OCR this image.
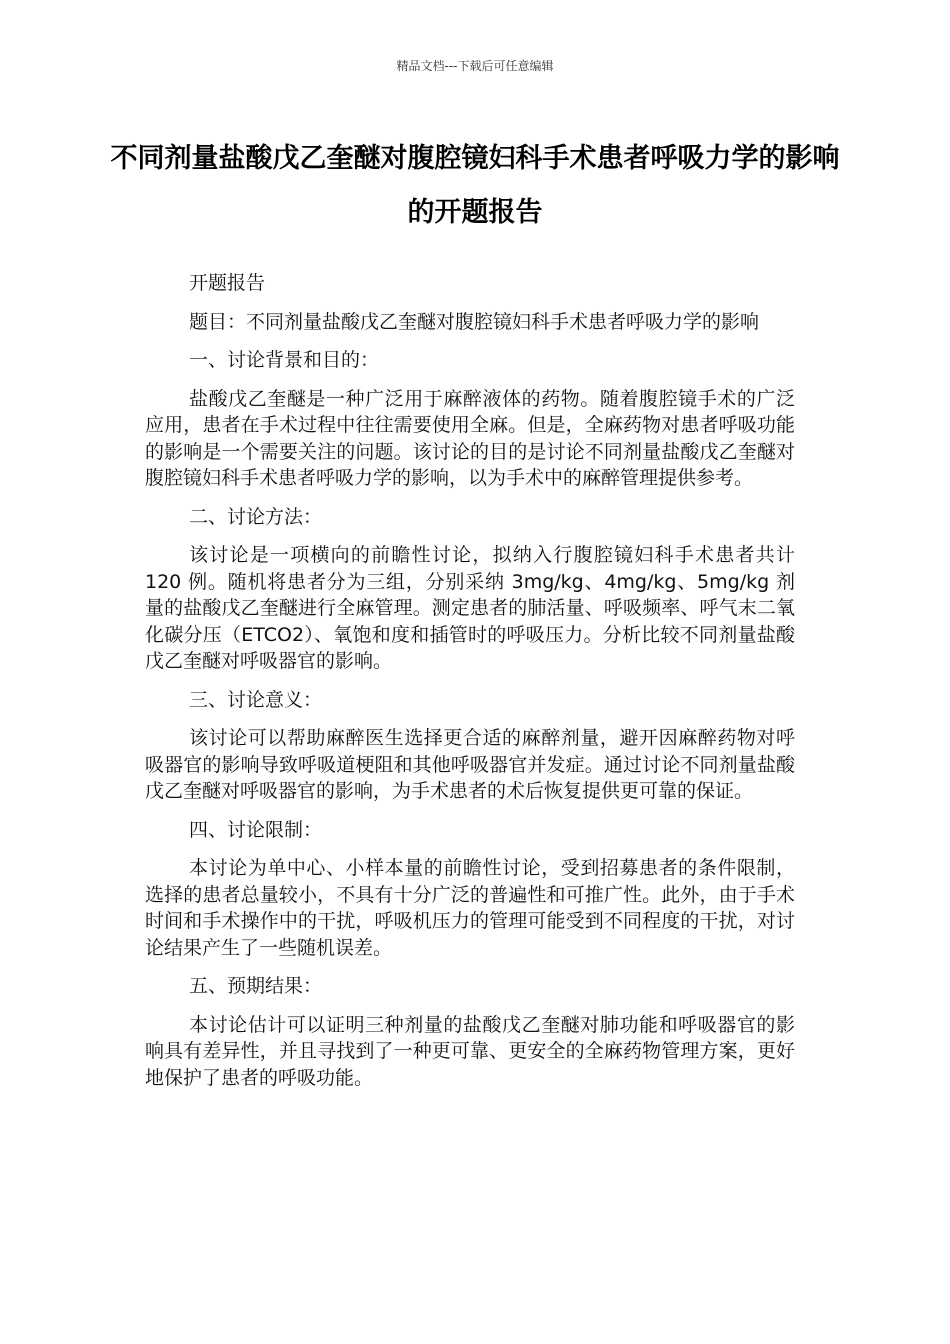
精品文档---下载后可任意编辑
不同剂量盐酸戊乙奎醚对腹腔镜妇科手术患者呼吸力学的影响的开题报告

开题报告

题目：不同剂量盐酸戊乙奎醚对腹腔镜妇科手术患者呼吸力学的影响

一、讨论背景和目的：

盐酸戊乙奎醚是一种广泛用于麻醉液体的药物。随着腹腔镜手术的广泛应用，患者在手术过程中往往需要使用全麻。但是，全麻药物对患者呼吸功能的影响是一个需要关注的问题。该讨论的目的是讨论不同剂量盐酸戊乙奎醚对腹腔镜妇科手术患者呼吸力学的影响，以为手术中的麻醉管理提供参考。

二、讨论方法：

该讨论是一项横向的前瞻性讨论，拟纳入行腹腔镜妇科手术患者共计 120 例。随机将患者分为三组，分别采纳 3mg/kg、4mg/kg、5mg/kg 剂量的盐酸戊乙奎醚进行全麻管理。测定患者的肺活量、呼吸频率、呼气末二氧化碳分压（ETCO2）、氧饱和度和插管时的呼吸压力。分析比较不同剂量盐酸戊乙奎醚对呼吸器官的影响。

三、讨论意义：

该讨论可以帮助麻醉医生选择更合适的麻醉剂量，避开因麻醉药物对呼吸器官的影响导致呼吸道梗阻和其他呼吸器官并发症。通过讨论不同剂量盐酸戊乙奎醚对呼吸器官的影响，为手术患者的术后恢复提供更可靠的保证。

四、讨论限制：

本讨论为单中心、小样本量的前瞻性讨论，受到招募患者的条件限制，选择的患者总量较小，不具有十分广泛的普遍性和可推广性。此外，由于手术时间和手术操作中的干扰，呼吸机压力的管理可能受到不同程度的干扰，对讨论结果产生了一些随机误差。

五、预期结果：

本讨论估计可以证明三种剂量的盐酸戊乙奎醚对肺功能和呼吸器官的影响具有差异性，并且寻找到了一种更可靠、更安全的全麻药物管理方案，更好地保护了患者的呼吸功能。
